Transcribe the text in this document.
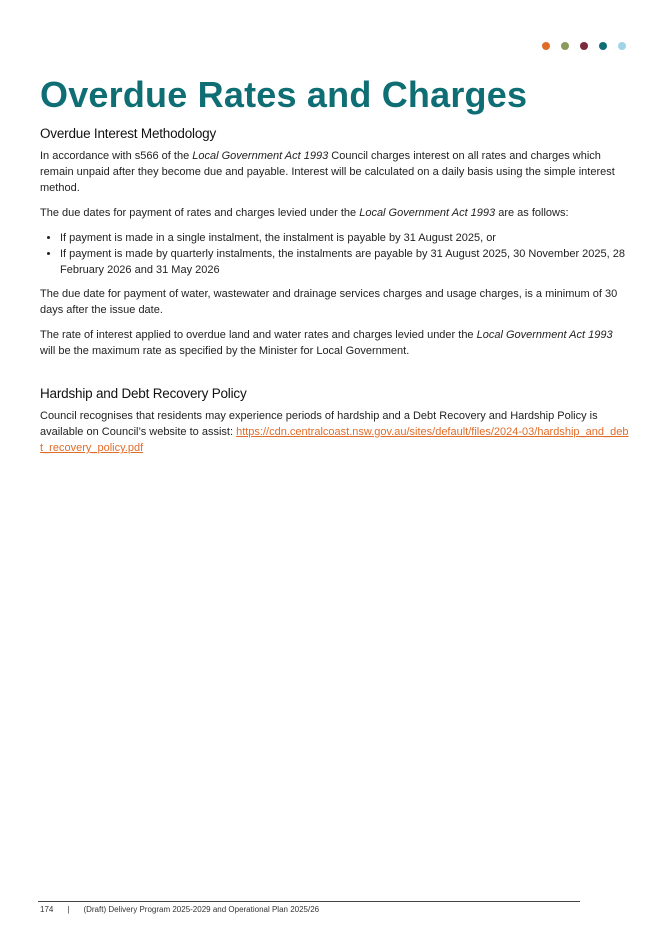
Overdue Rates and Charges
Overdue Interest Methodology

In accordance with s566 of the Local Government Act 1993 Council charges interest on all rates and charges which remain unpaid after they become due and payable. Interest will be calculated on a daily basis using the simple interest method.

The due dates for payment of rates and charges levied under the Local Government Act 1993 are as follows:

• If payment is made in a single instalment, the instalment is payable by 31 August 2025, or
• If payment is made by quarterly instalments, the instalments are payable by 31 August 2025, 30 November 2025, 28 February 2026 and 31 May 2026

The due date for payment of water, wastewater and drainage services charges and usage charges, is a minimum of 30 days after the issue date.

The rate of interest applied to overdue land and water rates and charges levied under the Local Government Act 1993 will be the maximum rate as specified by the Minister for Local Government.

Hardship and Debt Recovery Policy

Council recognises that residents may experience periods of hardship and a Debt Recovery and Hardship Policy is available on Council’s website to assist: https://cdn.centralcoast.nsw.gov.au/sites/default/files/2024-03/hardship_and_debt_recovery_policy.pdf

174 | (Draft) Delivery Program 2025-2029 and Operational Plan 2025/26
